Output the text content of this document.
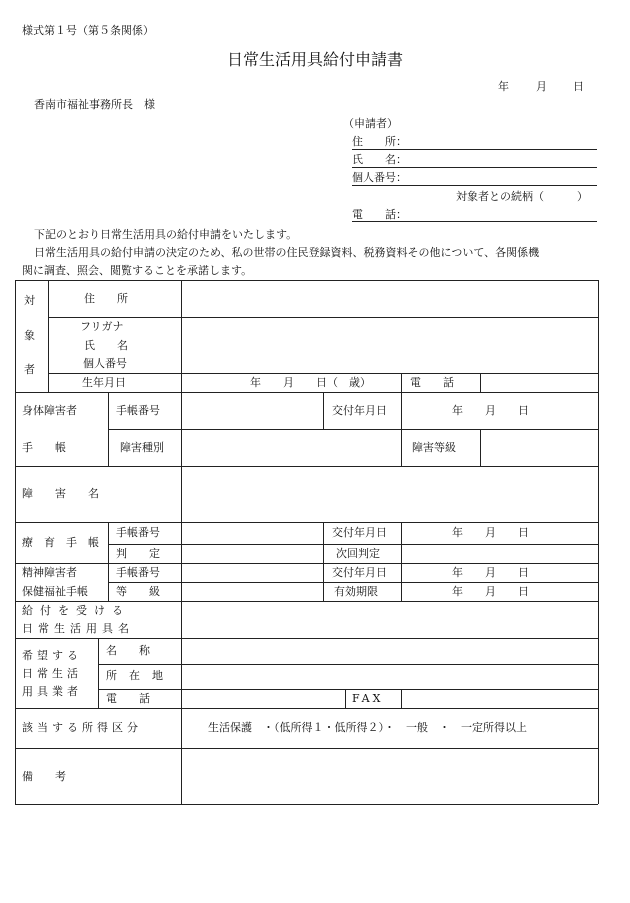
様式第１号（第５条関係）
日常生活用具給付申請書
年 月 日
香南市福祉事務所長　様
（申請者）
住　　所：
氏　　名：
個人番号：
対象者との続柄（　　　）
電　　話：
下記のとおり日常生活用具の給付申請をいたします。
日常生活用具の給付申請の決定のため、私の世帯の住民登録資料、税務資料その他について、各関係機
関に調査、照会、閲覧することを承諾します。
対
象
者
住　　所
フリガナ
氏　　名
個人番号
生年月日	年　　月　　日（　歳）	電　　話
身体障害者
手　　帳
手帳番号	交付年月日	年　　月　　日
障害種別	障害等級
障　　害　　名
療　育　手　帳
手帳番号	交付年月日	年　　月　　日
判　　定	次回判定
精神障害者
保健福祉手帳
手帳番号	交付年月日	年　　月　　日
等　　級	有効期限	年　　月　　日
給付を受ける
日常生活用具名
希望する
日常生活
用具業者
名　　称
所在地
電　　話	FAX
該当する所得区分	生活保護　・（低所得１・低所得２）・　一般　・　一定所得以上
備　　考
